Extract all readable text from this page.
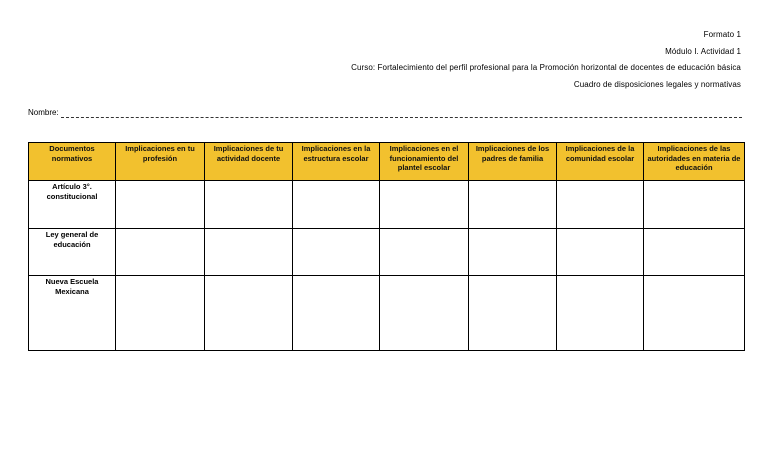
Formato 1
Módulo I. Actividad 1
Curso: Fortalecimiento del perfil profesional para la Promoción horizontal de docentes de educación básica
Cuadro de disposiciones legales y normativas
Nombre:
Documentos normativos	Implicaciones en tu profesión	Implicaciones de tu actividad docente	Implicaciones en la estructura escolar	Implicaciones en el funcionamiento del plantel escolar	Implicaciones de los padres de familia	Implicaciones de la comunidad escolar	Implicaciones de las autoridades en materia de educación
Artículo 3°. constitucional							
Ley general de educación							
Nueva Escuela Mexicana							
